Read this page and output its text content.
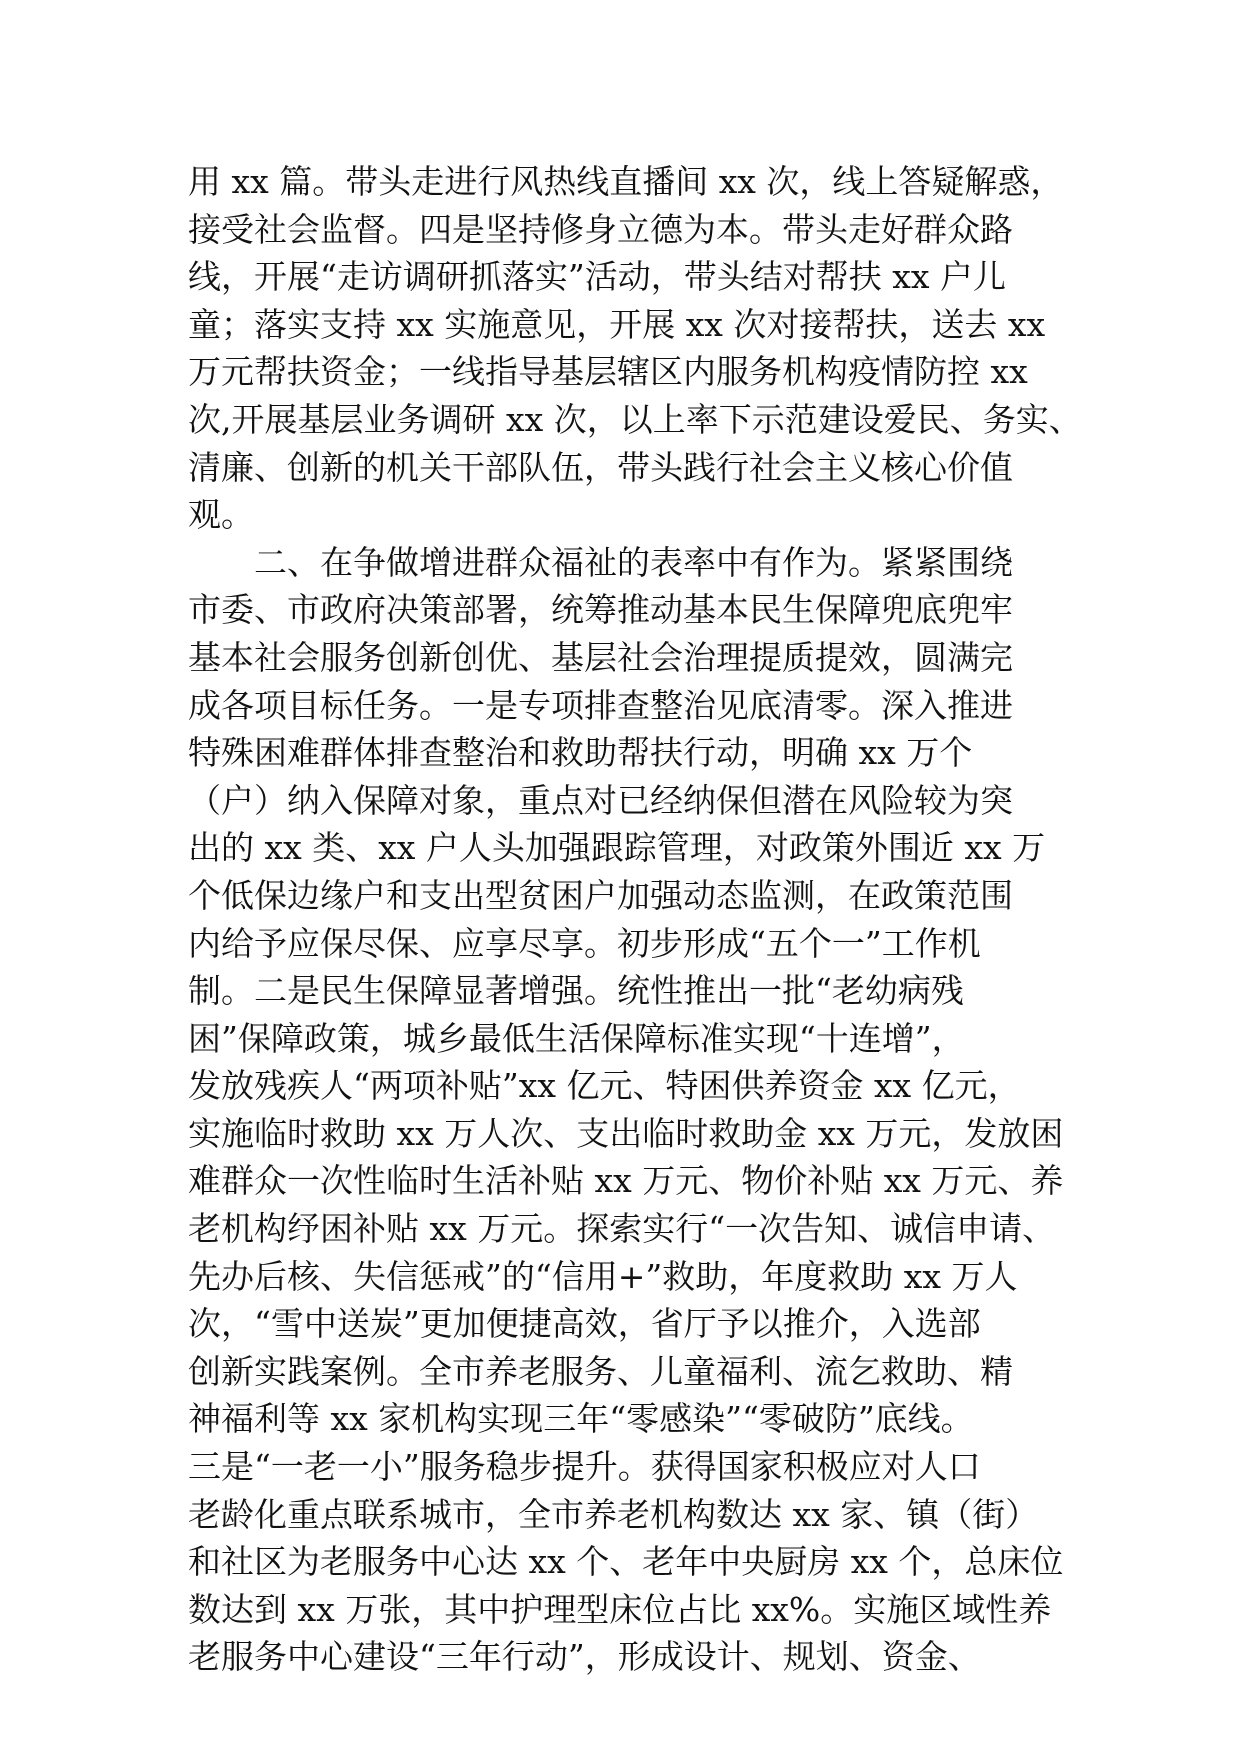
用 xx 篇。带头走进行风热线直播间 xx 次，线上答疑解惑，
接受社会监督。四是坚持修身立德为本。带头走好群众路
线，开展“走访调研抓落实”活动，带头结对帮扶 xx 户儿
童；落实支持 xx 实施意见，开展 xx 次对接帮扶，送去 xx
万元帮扶资金；一线指导基层辖区内服务机构疫情防控 xx
次,开展基层业务调研 xx 次，以上率下示范建设爱民、务实、
清廉、创新的机关干部队伍，带头践行社会主义核心价值
观。
　　二、在争做增进群众福祉的表率中有作为。紧紧围绕
市委、市政府决策部署，统筹推动基本民生保障兜底兜牢
基本社会服务创新创优、基层社会治理提质提效，圆满完
成各项目标任务。一是专项排查整治见底清零。深入推进
特殊困难群体排查整治和救助帮扶行动，明确 xx 万个
（户）纳入保障对象，重点对已经纳保但潜在风险较为突
出的 xx 类、xx 户人头加强跟踪管理，对政策外围近 xx 万
个低保边缘户和支出型贫困户加强动态监测，在政策范围
内给予应保尽保、应享尽享。初步形成“五个一”工作机
制。二是民生保障显著增强。统性推出一批“老幼病残
困”保障政策，城乡最低生活保障标准实现“十连增”，
发放残疾人“两项补贴”xx 亿元、特困供养资金 xx 亿元，
实施临时救助 xx 万人次、支出临时救助金 xx 万元，发放困
难群众一次性临时生活补贴 xx 万元、物价补贴 xx 万元、养
老机构纾困补贴 xx 万元。探索实行“一次告知、诚信申请、
先办后核、失信惩戒”的“信用+”救助，年度救助 xx 万人
次，“雪中送炭”更加便捷高效，省厅予以推介，入选部
创新实践案例。全市养老服务、儿童福利、流乞救助、精
神福利等 xx 家机构实现三年“零感染”“零破防”底线。
三是“一老一小”服务稳步提升。获得国家积极应对人口
老龄化重点联系城市，全市养老机构数达 xx 家、镇（街）
和社区为老服务中心达 xx 个、老年中央厨房 xx 个，总床位
数达到 xx 万张，其中护理型床位占比 xx%。实施区域性养
老服务中心建设“三年行动”，形成设计、规划、资金、
